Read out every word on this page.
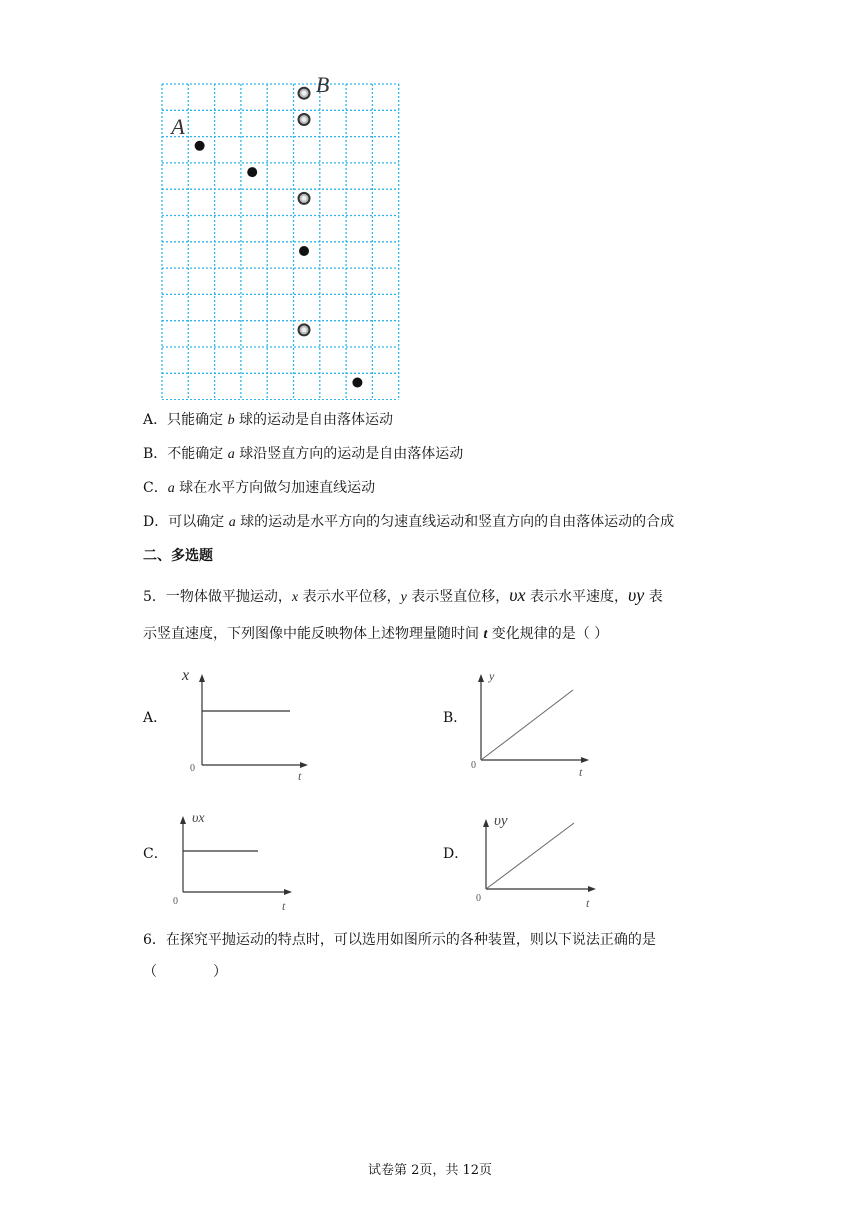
A
B
A．只能确定 b 球的运动是自由落体运动
B．不能确定 a 球沿竖直方向的运动是自由落体运动
C．a 球在水平方向做匀加速直线运动
D．可以确定 a 球的运动是水平方向的匀速直线运动和竖直方向的自由落体运动的合成
二、多选题
5．一物体做平抛运动，x 表示水平位移，y 表示竖直位移，υx 表示水平速度，υy 表
示竖直速度，下列图像中能反映物体上述物理量随时间 t 变化规律的是（ ）
A．	B．
C．	D．
x
t
0
y
t
0
υx
t
0
υy
t
0
6．在探究平抛运动的特点时，可以选用如图所示的各种装置，则以下说法正确的是
（　　　　）
试卷第 2页，共 12页
